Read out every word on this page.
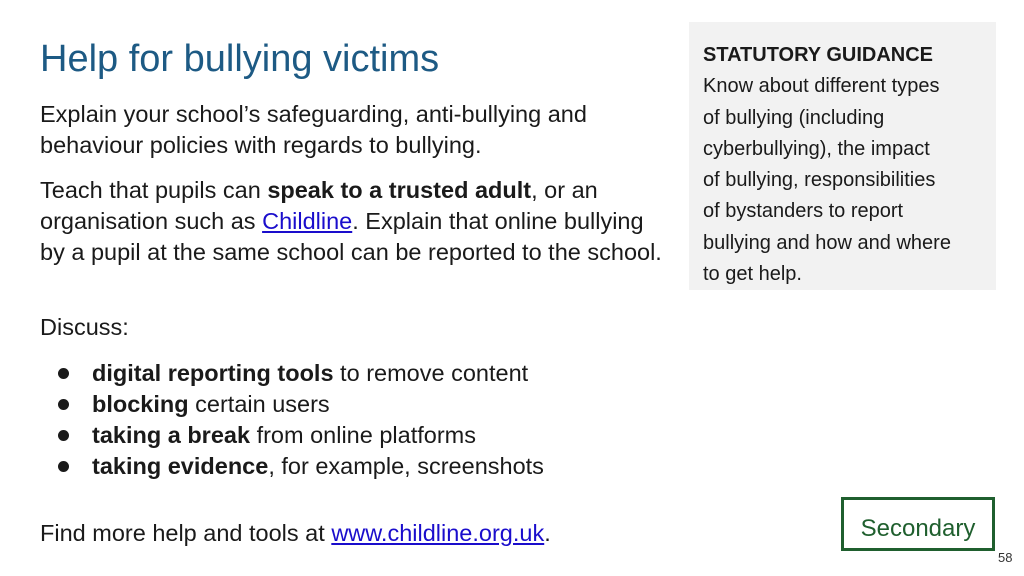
Help for bullying victims

Explain your school’s safeguarding, anti-bullying and behaviour policies with regards to bullying.

Teach that pupils can speak to a trusted adult, or an organisation such as Childline. Explain that online bullying by a pupil at the same school can be reported to the school.

Discuss:
digital reporting tools to remove content
blocking certain users
taking a break from online platforms
taking evidence, for example, screenshots
Find more help and tools at www.childline.org.uk.
STATUTORY GUIDANCE
Know about different types
of bullying (including
cyberbullying), the impact
of bullying, responsibilities
of bystanders to report
bullying and how and where
to get help.
Secondary
58
